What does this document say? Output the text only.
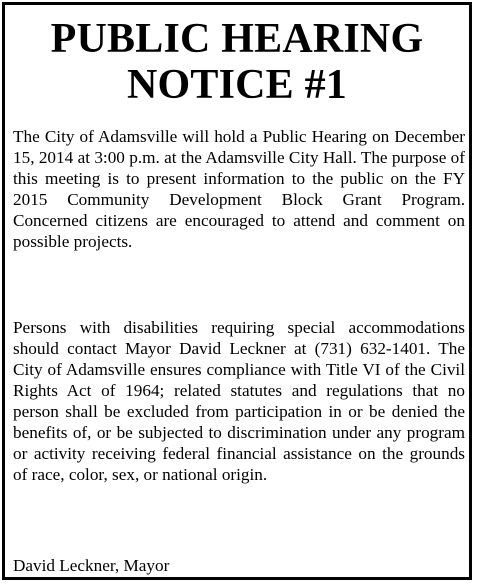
PUBLIC HEARING
NOTICE #1

The City of Adamsville will hold a Public Hearing on December 15, 2014 at 3:00 p.m. at the Adamsville City Hall. The purpose of this meeting is to present information to the public on the FY 2015 Community Development Block Grant Program. Concerned citizens are encouraged to attend and comment on possible projects.

Persons with disabilities requiring special accommodations should contact Mayor David Leckner at (731) 632-1401. The City of Adamsville ensures compliance with Title VI of the Civil Rights Act of 1964; related statutes and regulations that no person shall be excluded from participation in or be denied the benefits of, or be subjected to discrimination under any program or activity receiving federal financial assistance on the grounds of race, color, sex, or national origin.

David Leckner, Mayor
